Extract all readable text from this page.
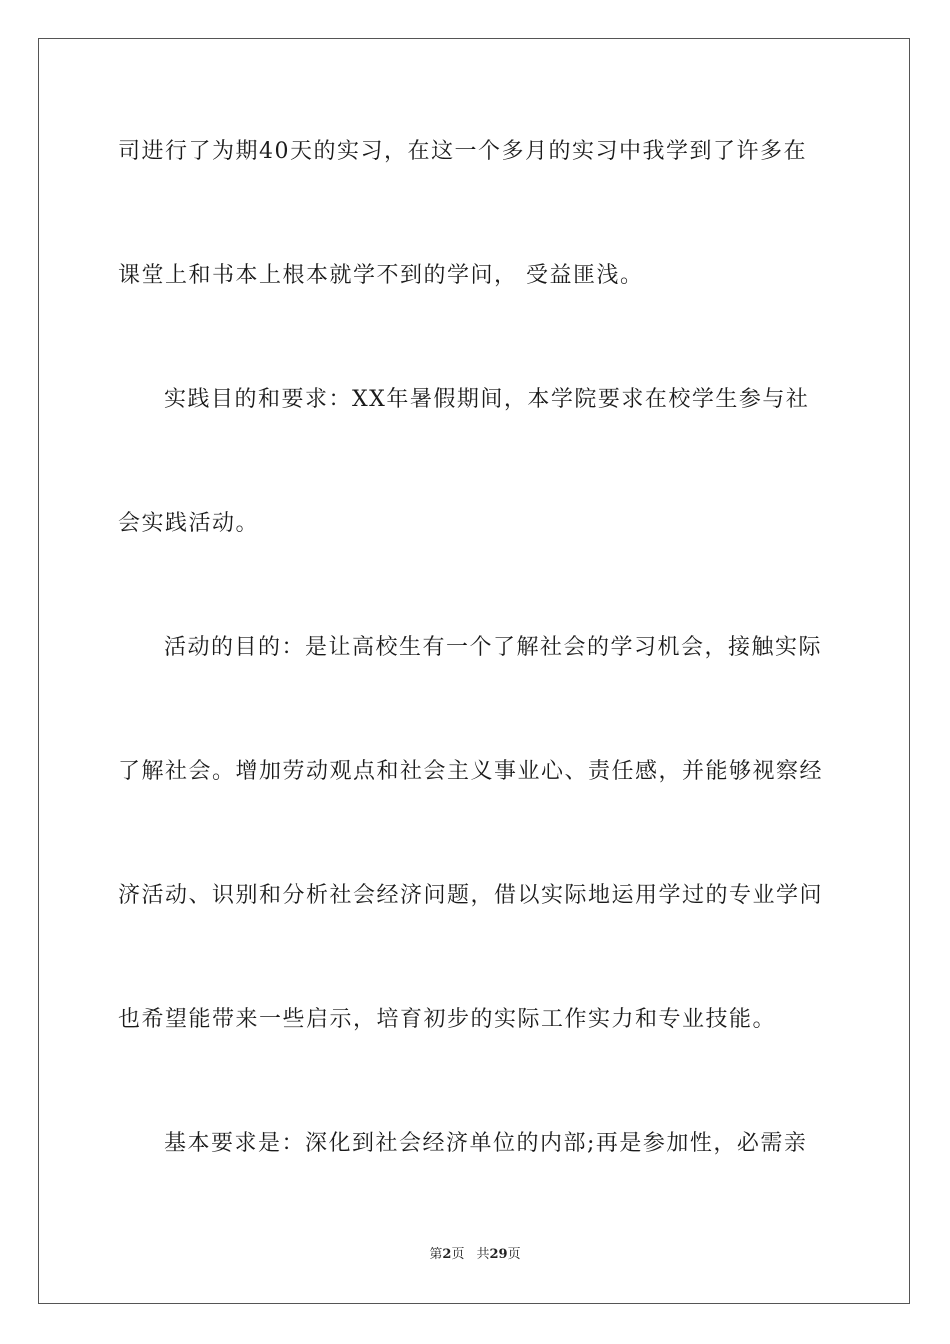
司进行了为期40天的实习，在这一个多月的实习中我学到了许多在
课堂上和书本上根本就学不到的学问， 受益匪浅。
实践目的和要求：XX年暑假期间，本学院要求在校学生参与社
会实践活动。
活动的目的：是让高校生有一个了解社会的学习机会，接触实际
了解社会。增加劳动观点和社会主义事业心、责任感，并能够视察经
济活动、识别和分析社会经济问题，借以实际地运用学过的专业学问
也希望能带来一些启示，培育初步的实际工作实力和专业技能。
基本要求是：深化到社会经济单位的内部;再是参加性，必需亲
第2页 共29页
